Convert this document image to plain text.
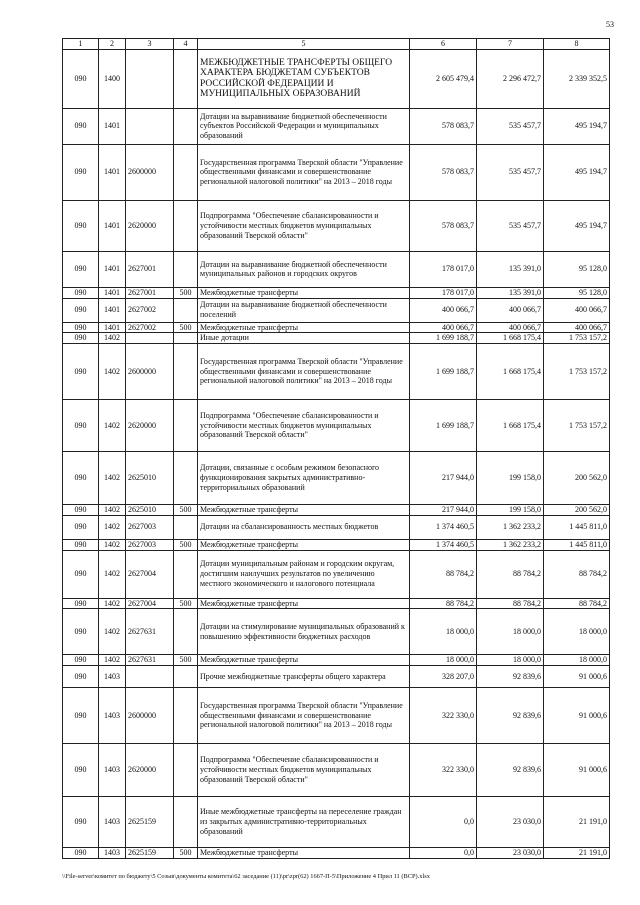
53
1	2	3	4	5	6	7	8
090	1400			МЕЖБЮДЖЕТНЫЕ ТРАНСФЕРТЫ ОБЩЕГО ХАРАКТЕРА БЮДЖЕТАМ СУБЪЕКТОВ РОССИЙСКОЙ ФЕДЕРАЦИИ И МУНИЦИПАЛЬНЫХ ОБРАЗОВАНИЙ	2 605 479,4	2 296 472,7	2 339 352,5
090	1401			Дотации на выравнивание бюджетной обеспеченности субъектов Российской Федерации и муниципальных образований	578 083,7	535 457,7	495 194,7
090	1401	2600000		Государственная программа Тверской области "Управление общественными финансами и совершенствование региональной налоговой политики" на 2013 – 2018 годы	578 083,7	535 457,7	495 194,7
090	1401	2620000		Подпрограмма "Обеспечение сбалансированности и устойчивости местных бюджетов муниципальных образований Тверской области"	578 083,7	535 457,7	495 194,7
090	1401	2627001		Дотации на выравнивание бюджетной обеспеченности муниципальных районов и городских округов	178 017,0	135 391,0	95 128,0
090	1401	2627001	500	Межбюджетные трансферты	178 017,0	135 391,0	95 128,0
090	1401	2627002		Дотации на выравнивание бюджетной обеспеченности поселений	400 066,7	400 066,7	400 066,7
090	1401	2627002	500	Межбюджетные трансферты	400 066,7	400 066,7	400 066,7
090	1402			Иные дотации	1 699 188,7	1 668 175,4	1 753 157,2
090	1402	2600000		Государственная программа Тверской области "Управление общественными финансами и совершенствование региональной налоговой политики" на 2013 – 2018 годы	1 699 188,7	1 668 175,4	1 753 157,2
090	1402	2620000		Подпрограмма "Обеспечение сбалансированности и устойчивости местных бюджетов муниципальных образований Тверской области"	1 699 188,7	1 668 175,4	1 753 157,2
090	1402	2625010		Дотации, связанные с особым режимом безопасного функционирования закрытых административно-территориальных образований	217 944,0	199 158,0	200 562,0
090	1402	2625010	500	Межбюджетные трансферты	217 944,0	199 158,0	200 562,0
090	1402	2627003		Дотации на сбалансированность местных бюджетов	1 374 460,5	1 362 233,2	1 445 811,0
090	1402	2627003	500	Межбюджетные трансферты	1 374 460,5	1 362 233,2	1 445 811,0
090	1402	2627004		Дотации муниципальным районам и городским округам, достигшим наилучших результатов по увеличению местного экономического и налогового потенциала	88 784,2	88 784,2	88 784,2
090	1402	2627004	500	Межбюджетные трансферты	88 784,2	88 784,2	88 784,2
090	1402	2627631		Дотации на стимулирование муниципальных образований к повышению эффективности бюджетных расходов	18 000,0	18 000,0	18 000,0
090	1402	2627631	500	Межбюджетные трансферты	18 000,0	18 000,0	18 000,0
090	1403			Прочие межбюджетные трансферты общего характера	328 207,0	92 839,6	91 000,6
090	1403	2600000		Государственная программа Тверской области "Управление общественными финансами и совершенствование региональной налоговой политики" на 2013 – 2018 годы	322 330,0	92 839,6	91 000,6
090	1403	2620000		Подпрограмма "Обеспечение сбалансированности и устойчивости местных бюджетов муниципальных образований Тверской области"	322 330,0	92 839,6	91 000,6
090	1403	2625159		Иные межбюджетные трансферты на переселение граждан из закрытых административно-территориальных образований	0,0	23 030,0	21 191,0
090	1403	2625159	500	Межбюджетные трансферты	0,0	23 030,0	21 191,0
\\File-server\комитет по бюджету\5 Созыв\документы комитета\62 заседание (11)\pr\zpr(62) 1667-П-5\Приложение 4 Прил 11 (ВСР).xlsx
